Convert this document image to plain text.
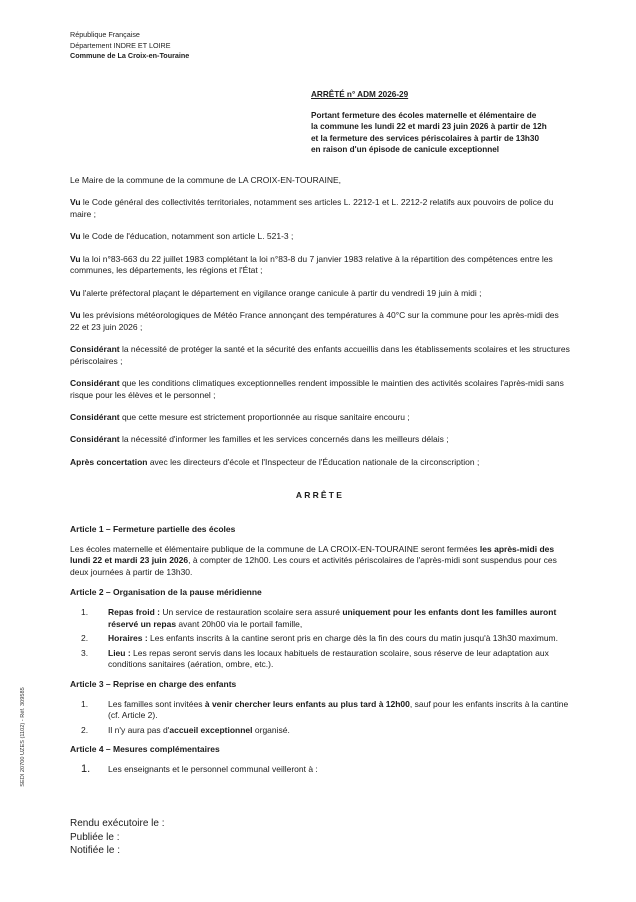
République Française
Département INDRE ET LOIRE
Commune de La Croix-en-Touraine
ARRÊTÉ n° ADM 2026-29
Portant fermeture des écoles maternelle et élémentaire de
la commune les lundi 22 et mardi 23 juin 2026 à partir de 12h
et la fermeture des services périscolaires à partir de 13h30
en raison d'un épisode de canicule exceptionnel

Le Maire de la commune de la commune de LA CROIX-EN-TOURAINE,

Vu le Code général des collectivités territoriales, notamment ses articles L. 2212-1 et L. 2212-2 relatifs aux pouvoirs de police du maire ;

Vu le Code de l'éducation, notamment son article L. 521-3 ;

Vu la loi n°83-663 du 22 juillet 1983 complétant la loi n°83-8 du 7 janvier 1983 relative à la répartition des compétences entre les communes, les départements, les régions et l'État ;

Vu l'alerte préfectoral plaçant le département en vigilance orange canicule à partir du vendredi 19 juin à midi ;

Vu les prévisions météorologiques de Météo France annonçant des températures à 40°C sur la commune pour les après-midi des 22 et 23 juin 2026 ;

Considérant la nécessité de protéger la santé et la sécurité des enfants accueillis dans les établissements scolaires et les structures périscolaires ;

Considérant que les conditions climatiques exceptionnelles rendent impossible le maintien des activités scolaires l'après-midi sans risque pour les élèves et le personnel ;

Considérant que cette mesure est strictement proportionnée au risque sanitaire encouru ;

Considérant la nécessité d'informer les familles et les services concernés dans les meilleurs délais ;

Après concertation avec les directeurs d'école et l'Inspecteur de l'Éducation nationale de la circonscription ;

ARRÊTE
Article 1 – Fermeture partielle des écoles

Les écoles maternelle et élémentaire publique de la commune de LA CROIX-EN-TOURAINE seront fermées les après-midi des lundi 22 et mardi 23 juin 2026, à compter de 12h00. Les cours et activités périscolaires de l'après-midi sont suspendus pour ces deux journées à partir de 13h30.

Article 2 – Organisation de la pause méridienne
1. Repas froid : Un service de restauration scolaire sera assuré uniquement pour les enfants dont les familles auront réservé un repas avant 20h00 via le portail famille,
2. Horaires : Les enfants inscrits à la cantine seront pris en charge dès la fin des cours du matin jusqu'à 13h30 maximum.
3. Lieu : Les repas seront servis dans les locaux habituels de restauration scolaire, sous réserve de leur adaptation aux conditions sanitaires (aération, ombre, etc.).
Article 3 – Reprise en charge des enfants
1. Les familles sont invitées à venir chercher leurs enfants au plus tard à 12h00, sauf pour les enfants inscrits à la cantine (cf. Article 2).
2. Il n'y aura pas d'accueil exceptionnel organisé.
Article 4 – Mesures complémentaires
1. Les enseignants et le personnel communal veilleront à :
Rendu exécutoire le :
Publiée le :
Notifiée le :
SEDI 20700 UZES (1102) - Réf. 309585
